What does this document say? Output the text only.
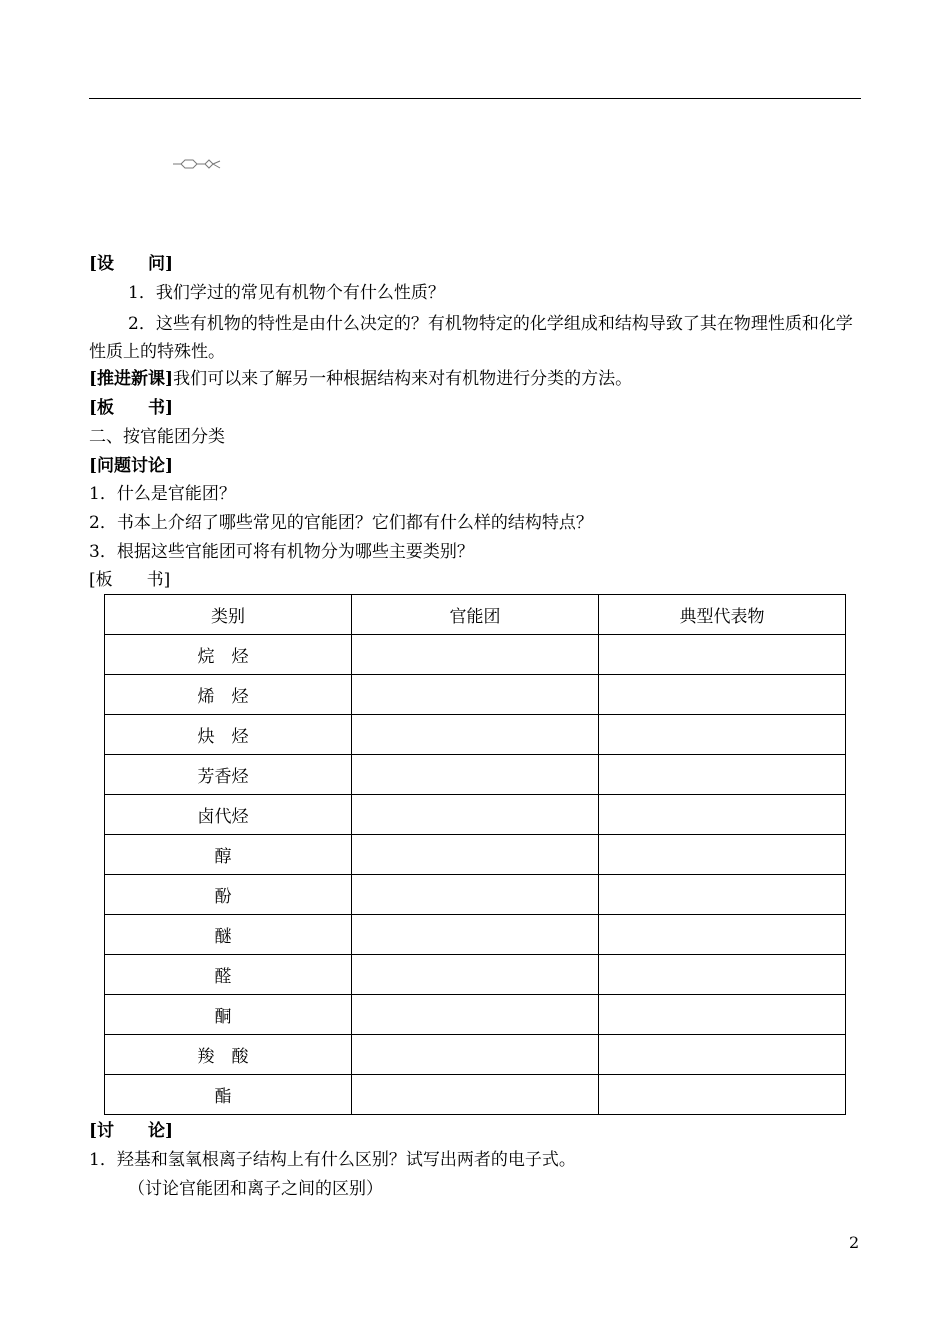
[设　　问]
1．我们学过的常见有机物个有什么性质？
2．这些有机物的特性是由什么决定的？有机物特定的化学组成和结构导致了其在物理性质和化学性质上的特殊性。
[推进新课]我们可以来了解另一种根据结构来对有机物进行分类的方法。
[板　　书]
二、按官能团分类
[问题讨论]
1．什么是官能团？
2．书本上介绍了哪些常见的官能团？它们都有什么样的结构特点？
3．根据这些官能团可将有机物分为哪些主要类别？
[板　　书]
类别	官能团	典型代表物
烷　烃		
烯　烃		
炔　烃		
芳香烃		
卤代烃		
醇		
酚		
醚		
醛		
酮		
羧　酸		
酯		
[讨　　论]
1．羟基和氢氧根离子结构上有什么区别？试写出两者的电子式。
（讨论官能团和离子之间的区别）
2
